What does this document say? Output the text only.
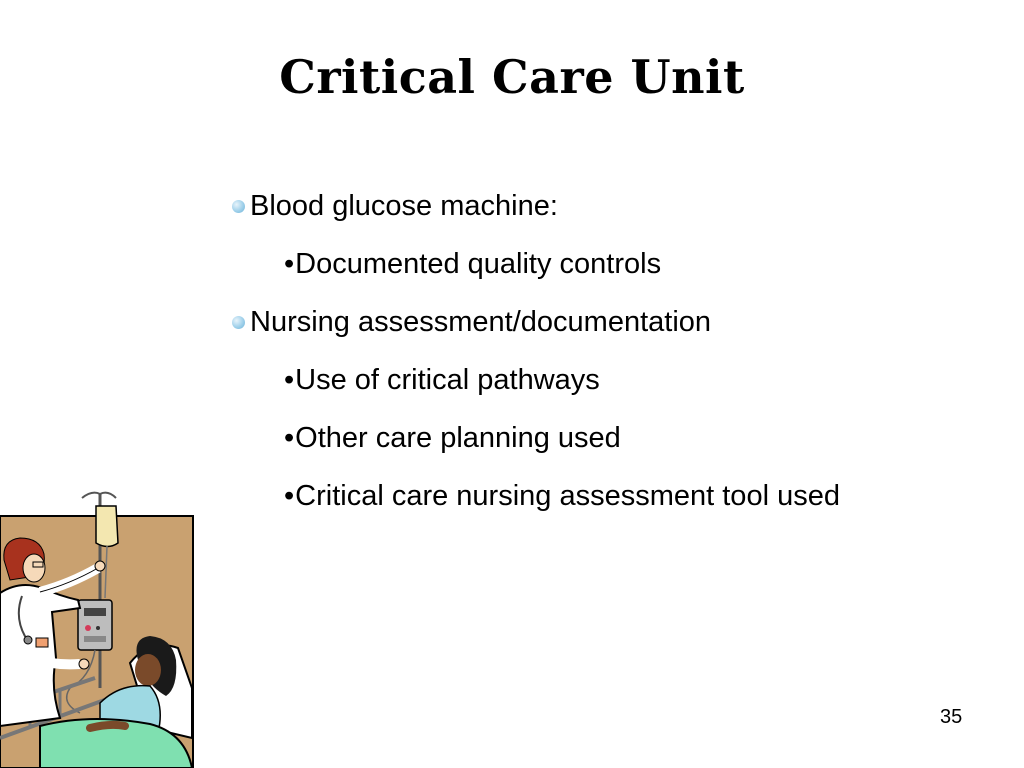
Critical Care Unit
Blood glucose machine:
•Documented quality controls
Nursing assessment/documentation
•Use of critical pathways
•Other care planning used
•Critical care nursing assessment tool used
35
